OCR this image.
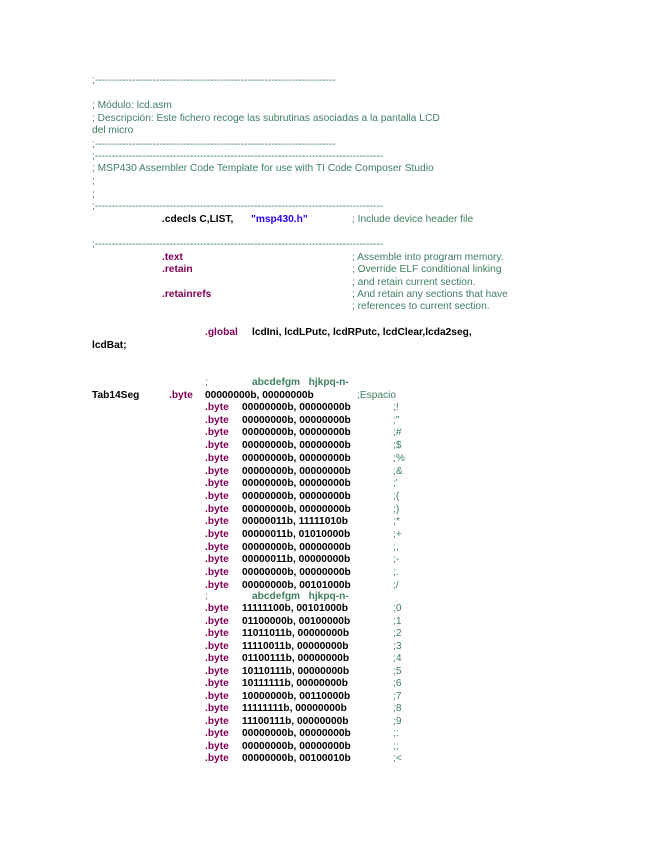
;-----------------------------------------------------------------------
; Módulo: lcd.asm
; Descripción: Este fichero recoge las subrutinas asociadas a la pantalla LCD
del micro
;-----------------------------------------------------------------------
;-------------------------------------------------------------------------------------
; MSP430 Assembler Code Template for use with TI Code Composer Studio
;
;
;-------------------------------------------------------------------------------------
.cdecls C,LIST, "msp430.h"	; Include device header file
;-------------------------------------------------------------------------------------
.text	; Assemble into program memory.
.retain	; Override ELF conditional linking
; and retain current section.
.retainrefs	; And retain any sections that have
; references to current section.
.global lcdIni, lcdLPutc, lcdRPutc, lcdClear,lcda2seg,
lcdBat;
;	abcdefgm   hjkpq-n-
Tab14Seg	.byte 00000000b, 00000000b	;Espacio
.byte 00000000b, 00000000b	;!
.byte 00000000b, 00000000b	;"
.byte 00000000b, 00000000b	;#
.byte 00000000b, 00000000b	;$
.byte 00000000b, 00000000b	;%
.byte 00000000b, 00000000b	;&
.byte 00000000b, 00000000b	;'
.byte 00000000b, 00000000b	;(
.byte 00000000b, 00000000b	;)
.byte 00000011b, 11111010b	;*
.byte 00000011b, 01010000b	;+
.byte 00000000b, 00000000b	;,
.byte 00000011b, 00000000b	;-
.byte 00000000b, 00000000b	;.
.byte 00000000b, 00101000b	;/
;	abcdefgm   hjkpq-n-
.byte 11111100b, 00101000b	;0
.byte 01100000b, 00100000b	;1
.byte 11011011b, 00000000b	;2
.byte 11110011b, 00000000b	;3
.byte 01100111b, 00000000b	;4
.byte 10110111b, 00000000b	;5
.byte 10111111b, 00000000b	;6
.byte 10000000b, 00110000b	;7
.byte 11111111b, 00000000b	;8
.byte 11100111b, 00000000b	;9
.byte 00000000b, 00000000b	;:
.byte 00000000b, 00000000b	;;
.byte 00000000b, 00100010b	;<
